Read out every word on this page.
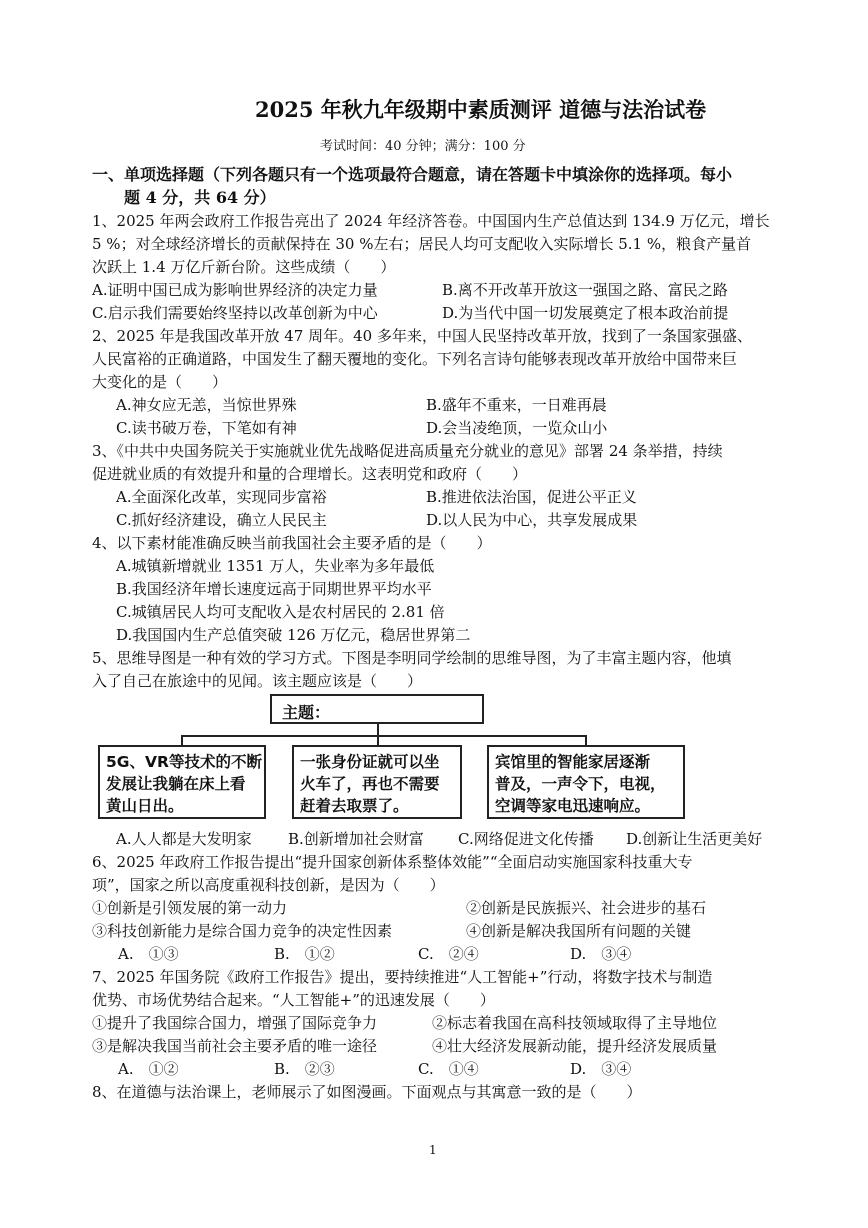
2025 年秋九年级期中素质测评 道德与法治试卷
考试时间：40 分钟；满分：100 分
一、单项选择题（下列各题只有一个选项最符合题意，请在答题卡中填涂你的选择项。每小
题 4 分，共 64 分）
1、2025 年两会政府工作报告亮出了 2024 年经济答卷。中国国内生产总值达到 134.9 万亿元，增长
5 %；对全球经济增长的贡献保持在 30 %左右；居民人均可支配收入实际增长 5.1 %，粮食产量首
次跃上 1.4 万亿斤新台阶。这些成绩（　　）
A.证明中国已成为影响世界经济的决定力量	B.离不开改革开放这一强国之路、富民之路
C.启示我们需要始终坚持以改革创新为中心	D.为当代中国一切发展奠定了根本政治前提
2、2025 年是我国改革开放 47 周年。40 多年来，中国人民坚持改革开放，找到了一条国家强盛、
人民富裕的正确道路，中国发生了翻天覆地的变化。下列名言诗句能够表现改革开放给中国带来巨
大变化的是（　　）
A.神女应无恙，当惊世界殊	B.盛年不重来，一日难再晨
C.读书破万卷，下笔如有神	D.会当凌绝顶，一览众山小
3、《中共中央国务院关于实施就业优先战略促进高质量充分就业的意见》部署 24 条举措，持续
促进就业质的有效提升和量的合理增长。这表明党和政府（　　）
A.全面深化改革，实现同步富裕	B.推进依法治国，促进公平正义
C.抓好经济建设，确立人民民主	D.以人民为中心，共享发展成果
4、以下素材能准确反映当前我国社会主要矛盾的是（　　）
A.城镇新增就业 1351 万人，失业率为多年最低
B.我国经济年增长速度远高于同期世界平均水平
C.城镇居民人均可支配收入是农村居民的 2.81 倍
D.我国国内生产总值突破 126 万亿元，稳居世界第二
5、思维导图是一种有效的学习方式。下图是李明同学绘制的思维导图，为了丰富主题内容，他填
入了自己在旅途中的见闻。该主题应该是（　　）
主题：
5G、VR等技术的不断
发展让我躺在床上看
黄山日出。
一张身份证就可以坐
火车了，再也不需要
赶着去取票了。
宾馆里的智能家居逐渐
普及，一声令下，电视，
空调等家电迅速响应。
A.人人都是大发明家 B.创新增加社会财富 C.网络促进文化传播 D.创新让生活更美好
6、2025 年政府工作报告提出“提升国家创新体系整体效能”“全面启动实施国家科技重大专
项”，国家之所以高度重视科技创新，是因为（　　）
①创新是引领发展的第一动力	②创新是民族振兴、社会进步的基石
③科技创新能力是综合国力竞争的决定性因素	④创新是解决我国所有问题的关键
A.　①③	B.　①②	C.　②④	D.　③④
7、2025 年国务院《政府工作报告》提出，要持续推进“人工智能+”行动，将数字技术与制造
优势、市场优势结合起来。“人工智能+”的迅速发展（　　）
①提升了我国综合国力，增强了国际竞争力	②标志着我国在高科技领域取得了主导地位
③是解决我国当前社会主要矛盾的唯一途径	④壮大经济发展新动能，提升经济发展质量
A.　①②	B.　②③	C.　①④	D.　③④
8、在道德与法治课上，老师展示了如图漫画。下面观点与其寓意一致的是（　　）
1
